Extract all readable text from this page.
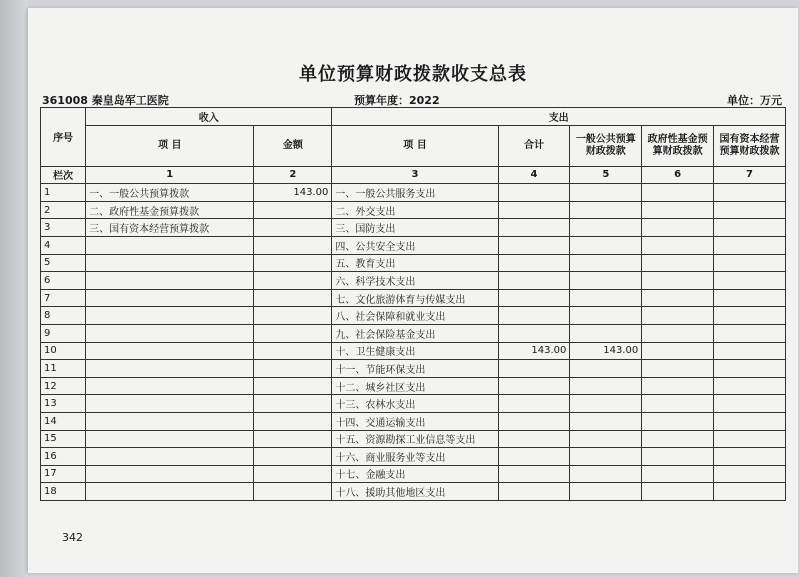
单位预算财政拨款收支总表
361008 秦皇岛军工医院	预算年度：2022	单位：万元
序号	收入		支出				
	项 目	金额	项 目	合计	一般公共预算财政拨款	政府性基金预算财政拨款	国有资本经营预算财政拨款
栏次	1	2	3	4	5	6	7
1	一、一般公共预算拨款	143.00	一、一般公共服务支出				
2	二、政府性基金预算拨款		二、外交支出				
3	三、国有资本经营预算拨款		三、国防支出				
4			四、公共安全支出				
5			五、教育支出				
6			六、科学技术支出				
7			七、文化旅游体育与传媒支出				
8			八、社会保障和就业支出				
9			九、社会保险基金支出				
10			十、卫生健康支出	143.00	143.00		
11			十一、节能环保支出				
12			十二、城乡社区支出				
13			十三、农林水支出				
14			十四、交通运输支出				
15			十五、资源勘探工业信息等支出				
16			十六、商业服务业等支出				
17			十七、金融支出				
18			十八、援助其他地区支出				
342
